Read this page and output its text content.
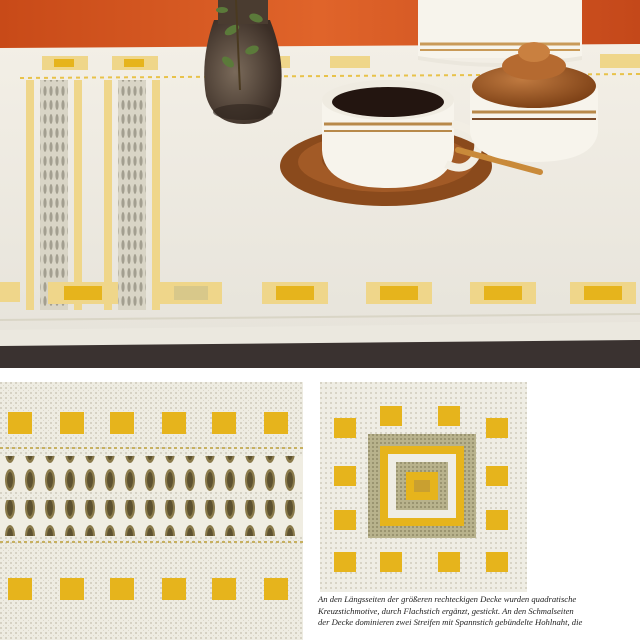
An den Längsseiten der größeren rechteckigen Decke wurden quadratische

Kreuzstichmotive, durch Flachstich ergänzt, gestickt. An den Schmalseiten

der Decke dominieren zwei Streifen mit Spannstich gebündelte Hohlnaht, die
